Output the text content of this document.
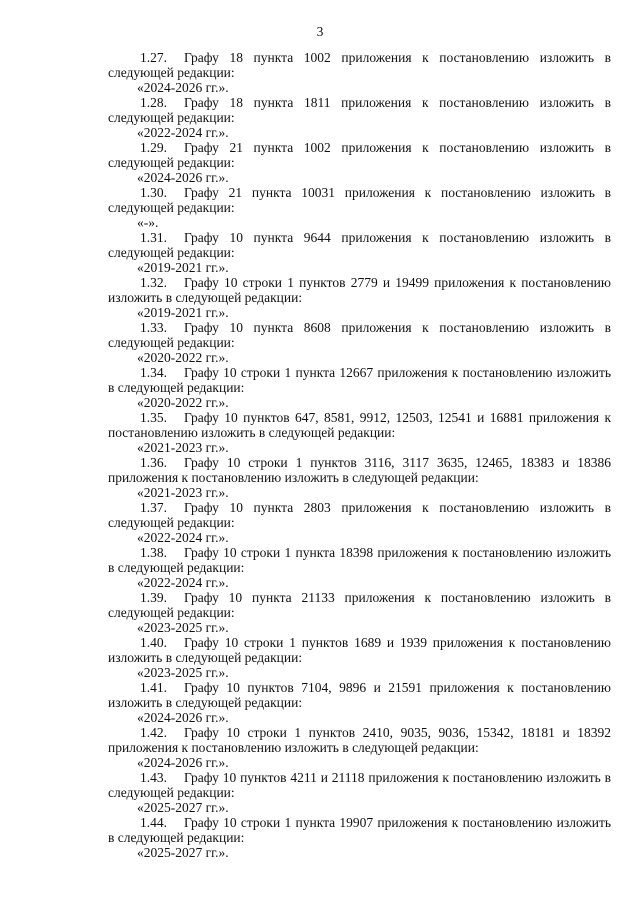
3

1.27. Графу 18 пункта 1002 приложения к постановлению изложить в следующей редакции:

«2024-2026 гг.».

1.28. Графу 18 пункта 1811 приложения к постановлению изложить в следующей редакции:

«2022-2024 гг.».

1.29. Графу 21 пункта 1002 приложения к постановлению изложить в следующей редакции:

«2024-2026 гг.».

1.30. Графу 21 пункта 10031 приложения к постановлению изложить в следующей редакции:

«-».

1.31. Графу 10 пункта 9644 приложения к постановлению изложить в следующей редакции:

«2019-2021 гг.».

1.32. Графу 10 строки 1 пунктов 2779 и 19499 приложения к постановлению изложить в следующей редакции:

«2019-2021 гг.».

1.33. Графу 10 пункта 8608 приложения к постановлению изложить в следующей редакции:

«2020-2022 гг.».

1.34. Графу 10 строки 1 пункта 12667 приложения к постановлению изложить в следующей редакции:

«2020-2022 гг.».

1.35. Графу 10 пунктов 647, 8581, 9912, 12503, 12541 и 16881 приложения к постановлению изложить в следующей редакции:

«2021-2023 гг.».

1.36. Графу 10 строки 1 пунктов 3116, 3117 3635, 12465, 18383 и 18386 приложения к постановлению изложить в следующей редакции:

«2021-2023 гг.».

1.37. Графу 10 пункта 2803 приложения к постановлению изложить в следующей редакции:

«2022-2024 гг.».

1.38. Графу 10 строки 1 пункта 18398 приложения к постановлению изложить в следующей редакции:

«2022-2024 гг.».

1.39. Графу 10 пункта 21133 приложения к постановлению изложить в следующей редакции:

«2023-2025 гг.».

1.40. Графу 10 строки 1 пунктов 1689 и 1939 приложения к постановлению изложить в следующей редакции:

«2023-2025 гг.».

1.41. Графу 10 пунктов 7104, 9896 и 21591 приложения к постановлению изложить в следующей редакции:

«2024-2026 гг.».

1.42. Графу 10 строки 1 пунктов 2410, 9035, 9036, 15342, 18181 и 18392 приложения к постановлению изложить в следующей редакции:

«2024-2026 гг.».

1.43. Графу 10 пунктов 4211 и 21118 приложения к постановлению изложить в следующей редакции:

«2025-2027 гг.».

1.44. Графу 10 строки 1 пункта 19907 приложения к постановлению изложить в следующей редакции:

«2025-2027 гг.».
